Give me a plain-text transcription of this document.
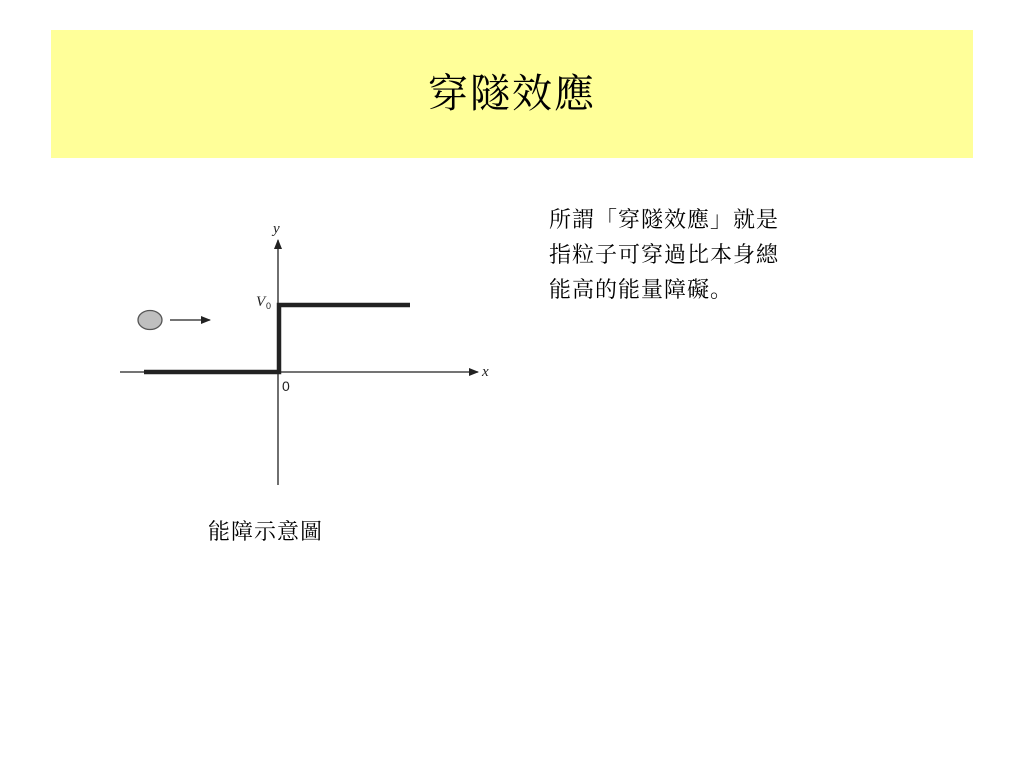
穿隧效應
所謂「穿隧效應」就是
指粒子可穿過比本身總
能高的能量障礙。
y
x
V 0
0
能障示意圖
